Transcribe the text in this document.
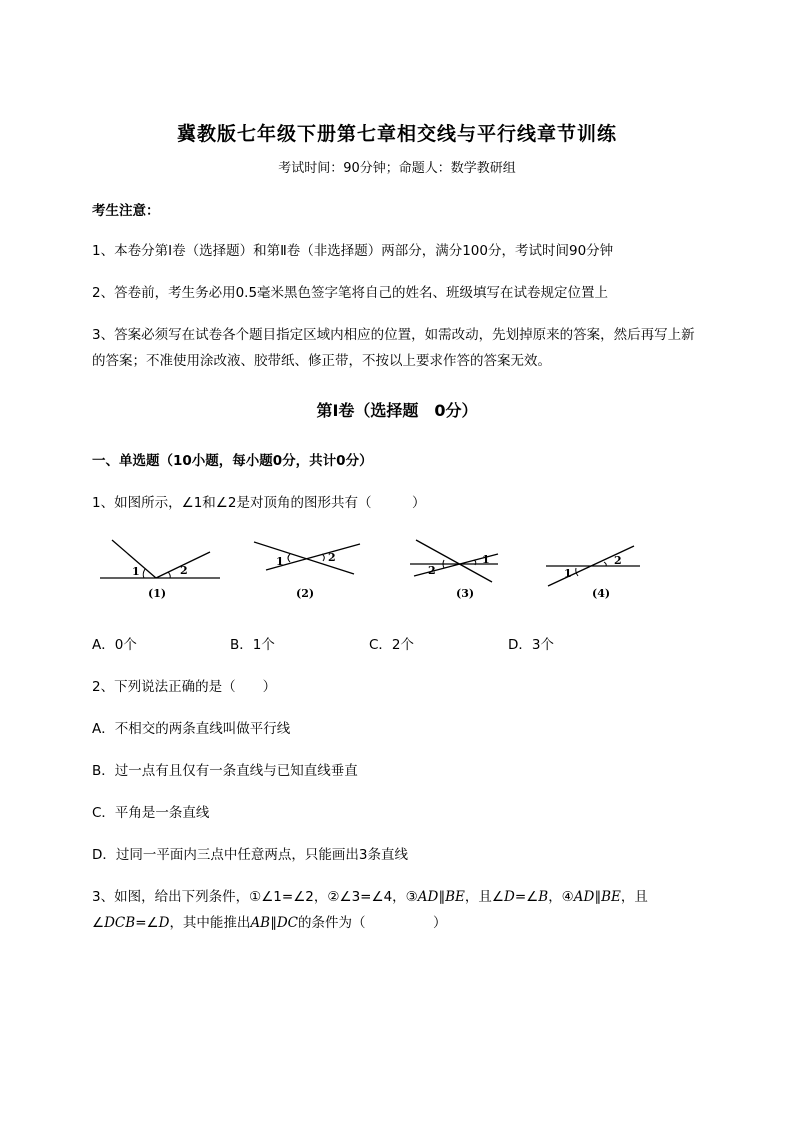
冀教版七年级下册第七章相交线与平行线章节训练
考试时间：90分钟；命题人：数学教研组
考生注意：
1、本卷分第I卷（选择题）和第Ⅱ卷（非选择题）两部分，满分100分，考试时间90分钟
2、答卷前，考生务必用0.5毫米黑色签字笔将自己的姓名、班级填写在试卷规定位置上
3、答案必须写在试卷各个题目指定区域内相应的位置，如需改动，先划掉原来的答案，然后再写上新
的答案；不准使用涂改液、胶带纸、修正带，不按以上要求作答的答案无效。
第I卷（选择题　0分）
一、单选题（10小题，每小题0分，共计0分）
1、如图所示，∠1和∠2是对顶角的图形共有（　　　）
1	2
(1)
1	2
(2)
2
1
(3)
1
2
(4)
A．0个	B．1个	C．2个	D．3个
2、下列说法正确的是（　　）
A．不相交的两条直线叫做平行线
B．过一点有且仅有一条直线与已知直线垂直
C．平角是一条直线
D．过同一平面内三点中任意两点，只能画出3条直线
3、如图，给出下列条件，①∠1=∠2，②∠3=∠4，③AD∥BE，且∠D=∠B，④AD∥BE，且
∠DCB=∠D，其中能推出AB∥DC的条件为（　　　　　）
